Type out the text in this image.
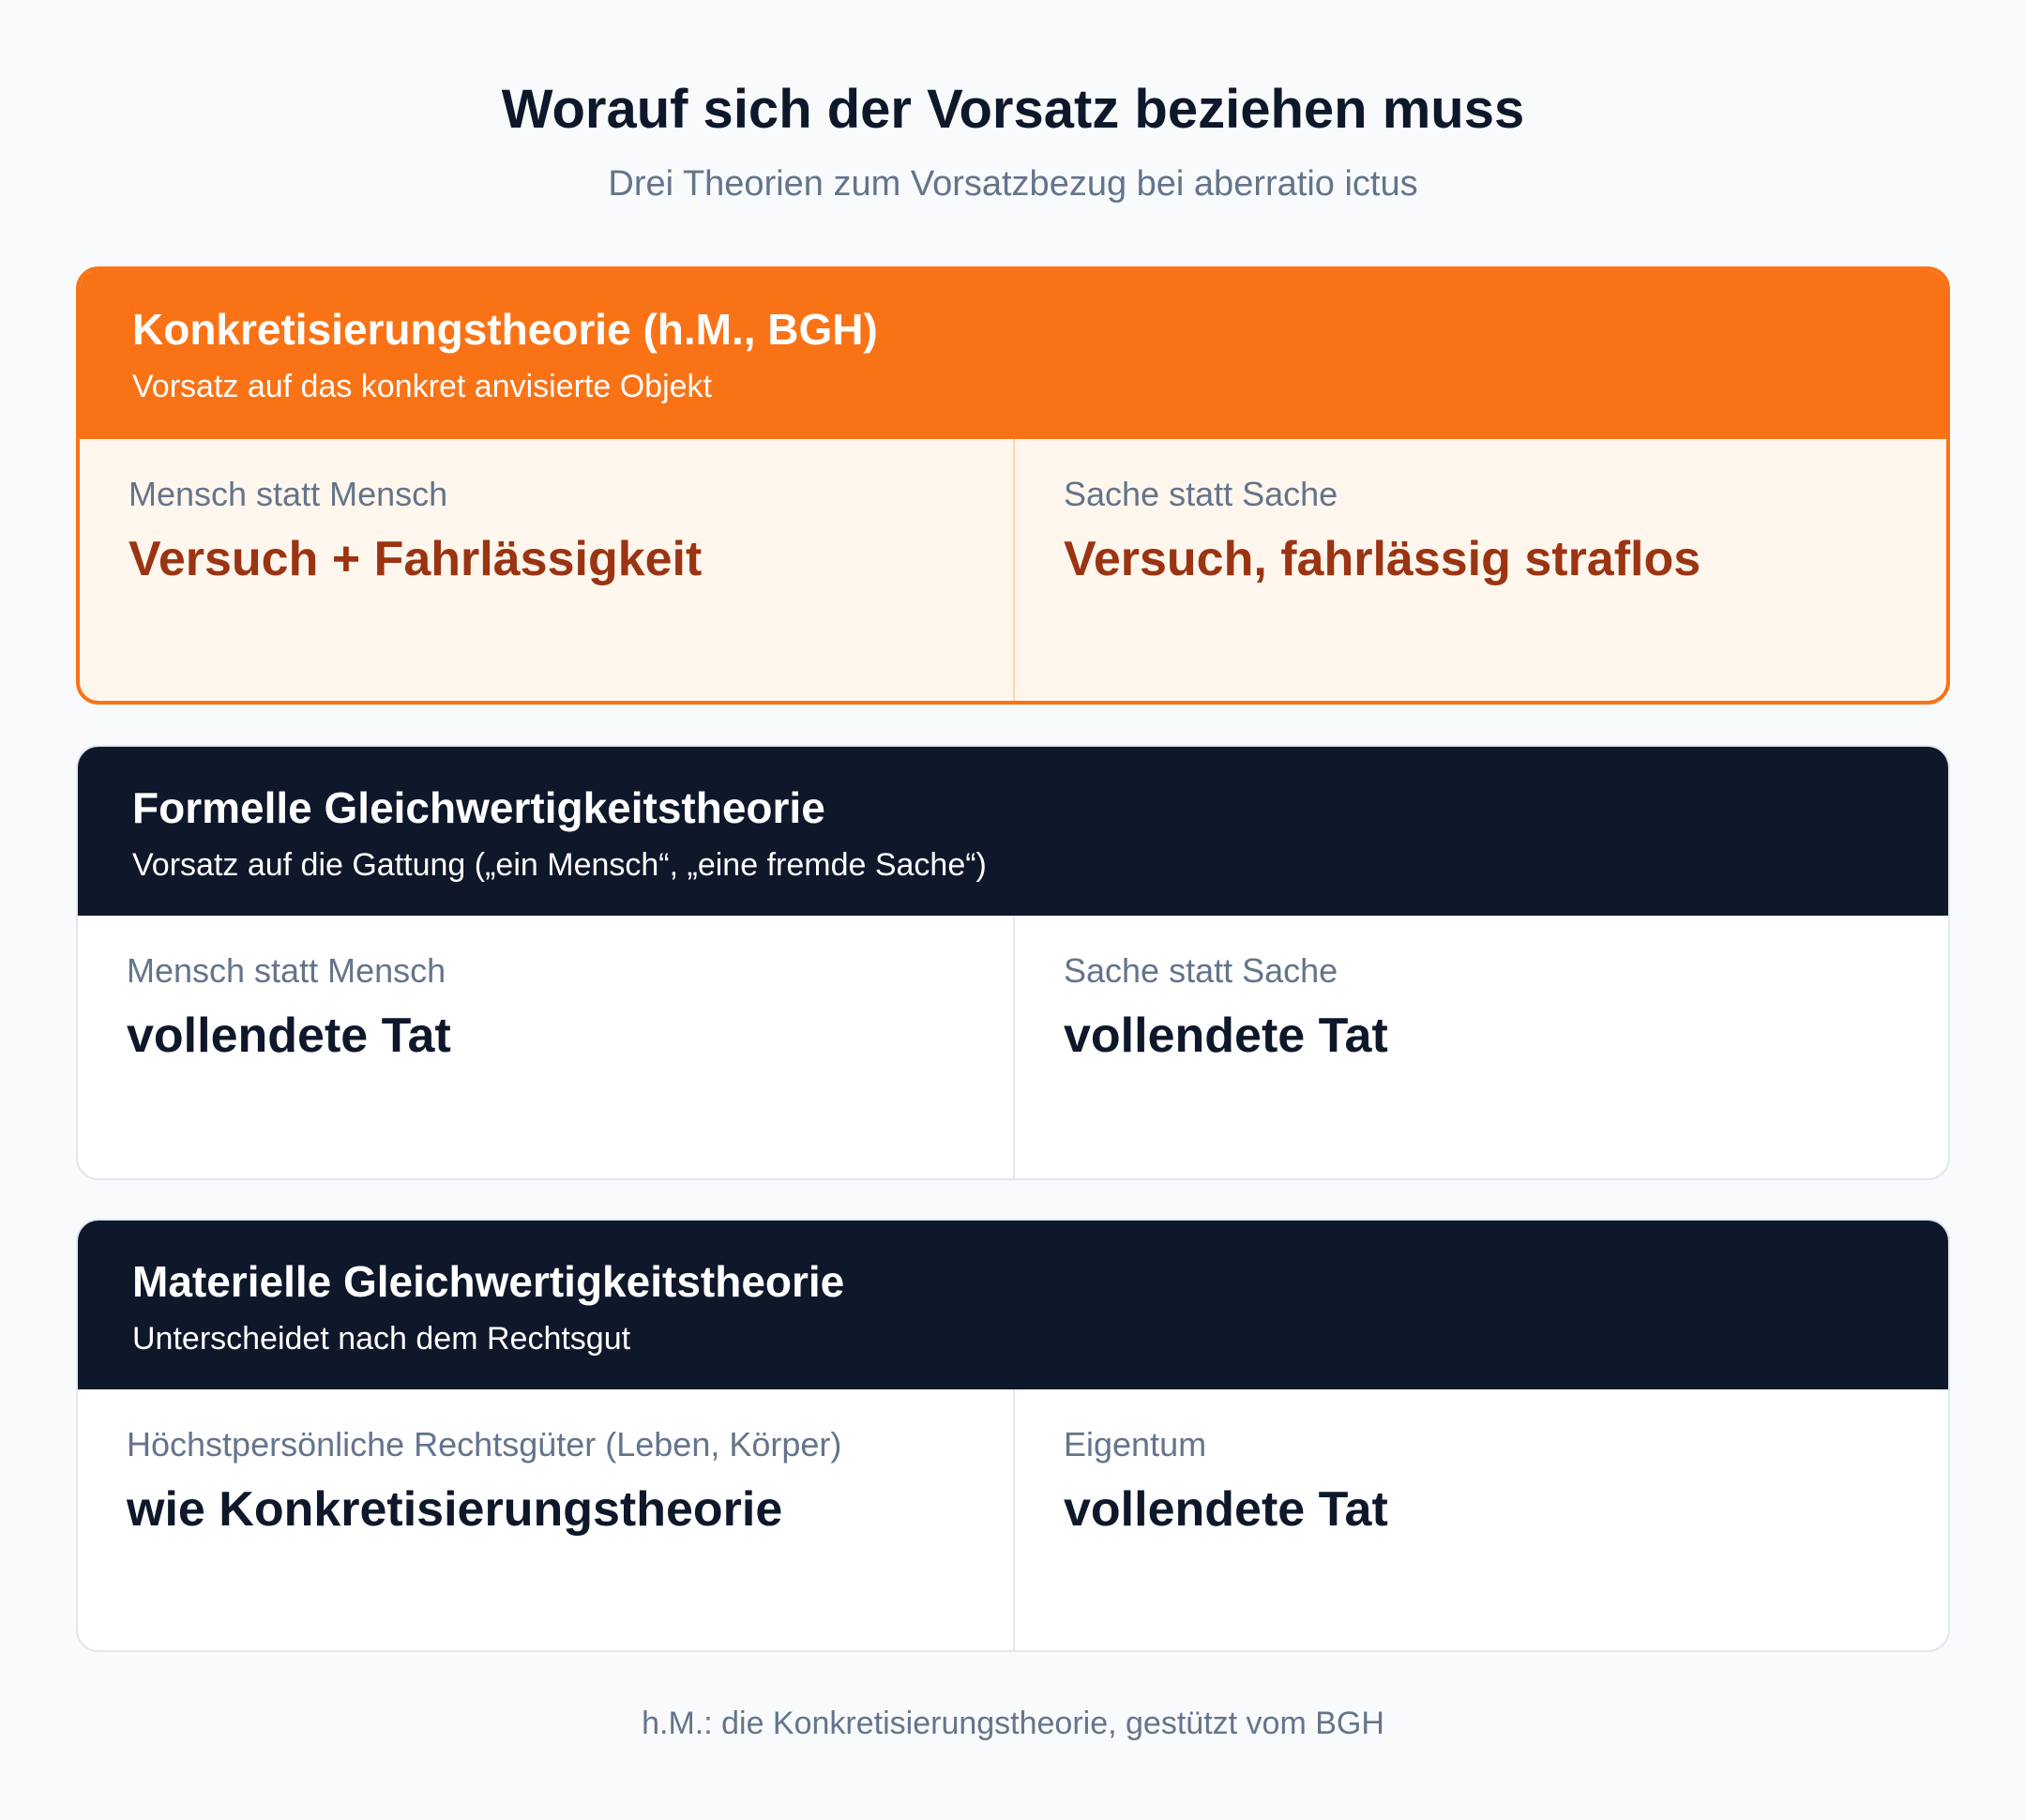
Worauf sich der Vorsatz beziehen muss
Drei Theorien zum Vorsatzbezug bei aberratio ictus
Konkretisierungstheorie (h.M., BGH)
Vorsatz auf das konkret anvisierte Objekt
Mensch statt Mensch
Versuch + Fahrlässigkeit
Sache statt Sache
Versuch, fahrlässig straflos
Formelle Gleichwertigkeitstheorie
Vorsatz auf die Gattung („ein Mensch“, „eine fremde Sache“)
Mensch statt Mensch
vollendete Tat
Sache statt Sache
vollendete Tat
Materielle Gleichwertigkeitstheorie
Unterscheidet nach dem Rechtsgut
Höchstpersönliche Rechtsgüter (Leben, Körper)
wie Konkretisierungstheorie
Eigentum
vollendete Tat
h.M.: die Konkretisierungstheorie, gestützt vom BGH
